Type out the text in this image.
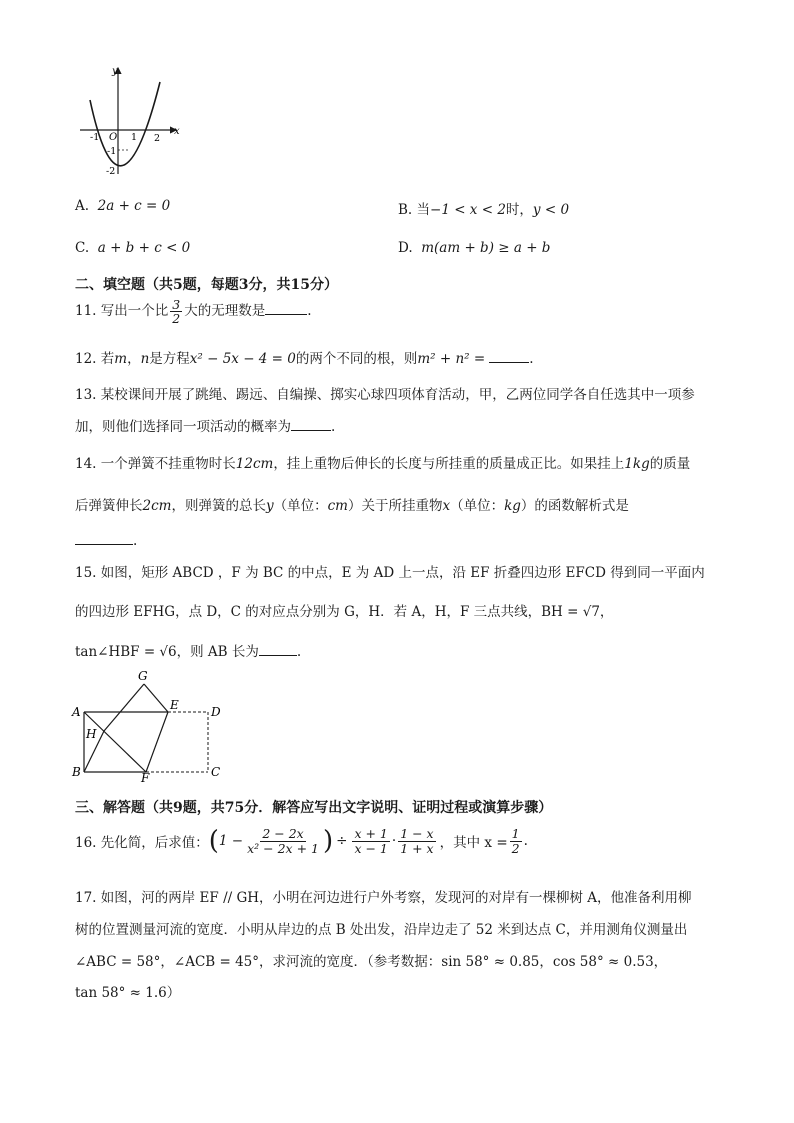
y
x
O
-1	1 2
-1
-2
A. 2a + c = 0	B. 当−1 < x < 2时，y < 0
C. a + b + c < 0	D. m(am + b) ≥ a + b
二、填空题（共5题，每题3分，共15分）
11. 写出一个比 $\frac{3}{2}$ 大的无理数是	.
12. 若m，n是方程x² − 5x − 4 = 0的两个不同的根，则m² + n² =	.
13. 某校课间开展了跳绳、踢远、自编操、掷实心球四项体育活动，甲，乙两位同学各自任选其中一项参
加，则他们选择同一项活动的概率为	.
14. 一个弹簧不挂重物时长12cm，挂上重物后伸长的长度与所挂重的质量成正比。如果挂上1kg的质量
后弹簧伸长2cm，则弹簧的总长y（单位：cm）关于所挂重物x（单位：kg）的函数解析式是
.
15. 如图，矩形 ABCD ，F 为 BC 的中点，E 为 AD 上一点，沿 EF 折叠四边形 EFCD 得到同一平面内
的四边形 EFHG，点 D，C 的对应点分别为 G，H．若 A，H，F 三点共线，BH = √7，
tan∠HBF = √6，则 AB 长为	.
G
A	E	D
H
B	F	C
三、解答题（共9题，共75分．解答应写出文字说明、证明过程或演算步骤）
16. 先化简，后求值： ( $1 - \frac{2 - 2x}{\text{x² − 2x + 1}}$ ) ÷ $\frac{x + 1}{x - 1} \cdot \frac{1 - x}{1 + x}$ ，其中 $x = \frac{1}{2}$ .
17. 如图，河的两岸 EF // GH，小明在河边进行户外考察，发现河的对岸有一棵柳树 A，他准备利用柳
树的位置测量河流的宽度．小明从岸边的点 B 处出发，沿岸边走了 52 米到达点 C，并用测角仪测量出
∠ABC = 58°，∠ACB = 45°，求河流的宽度．（参考数据：sin 58° ≈ 0.85，cos 58° ≈ 0.53，
tan 58° ≈ 1.6）
